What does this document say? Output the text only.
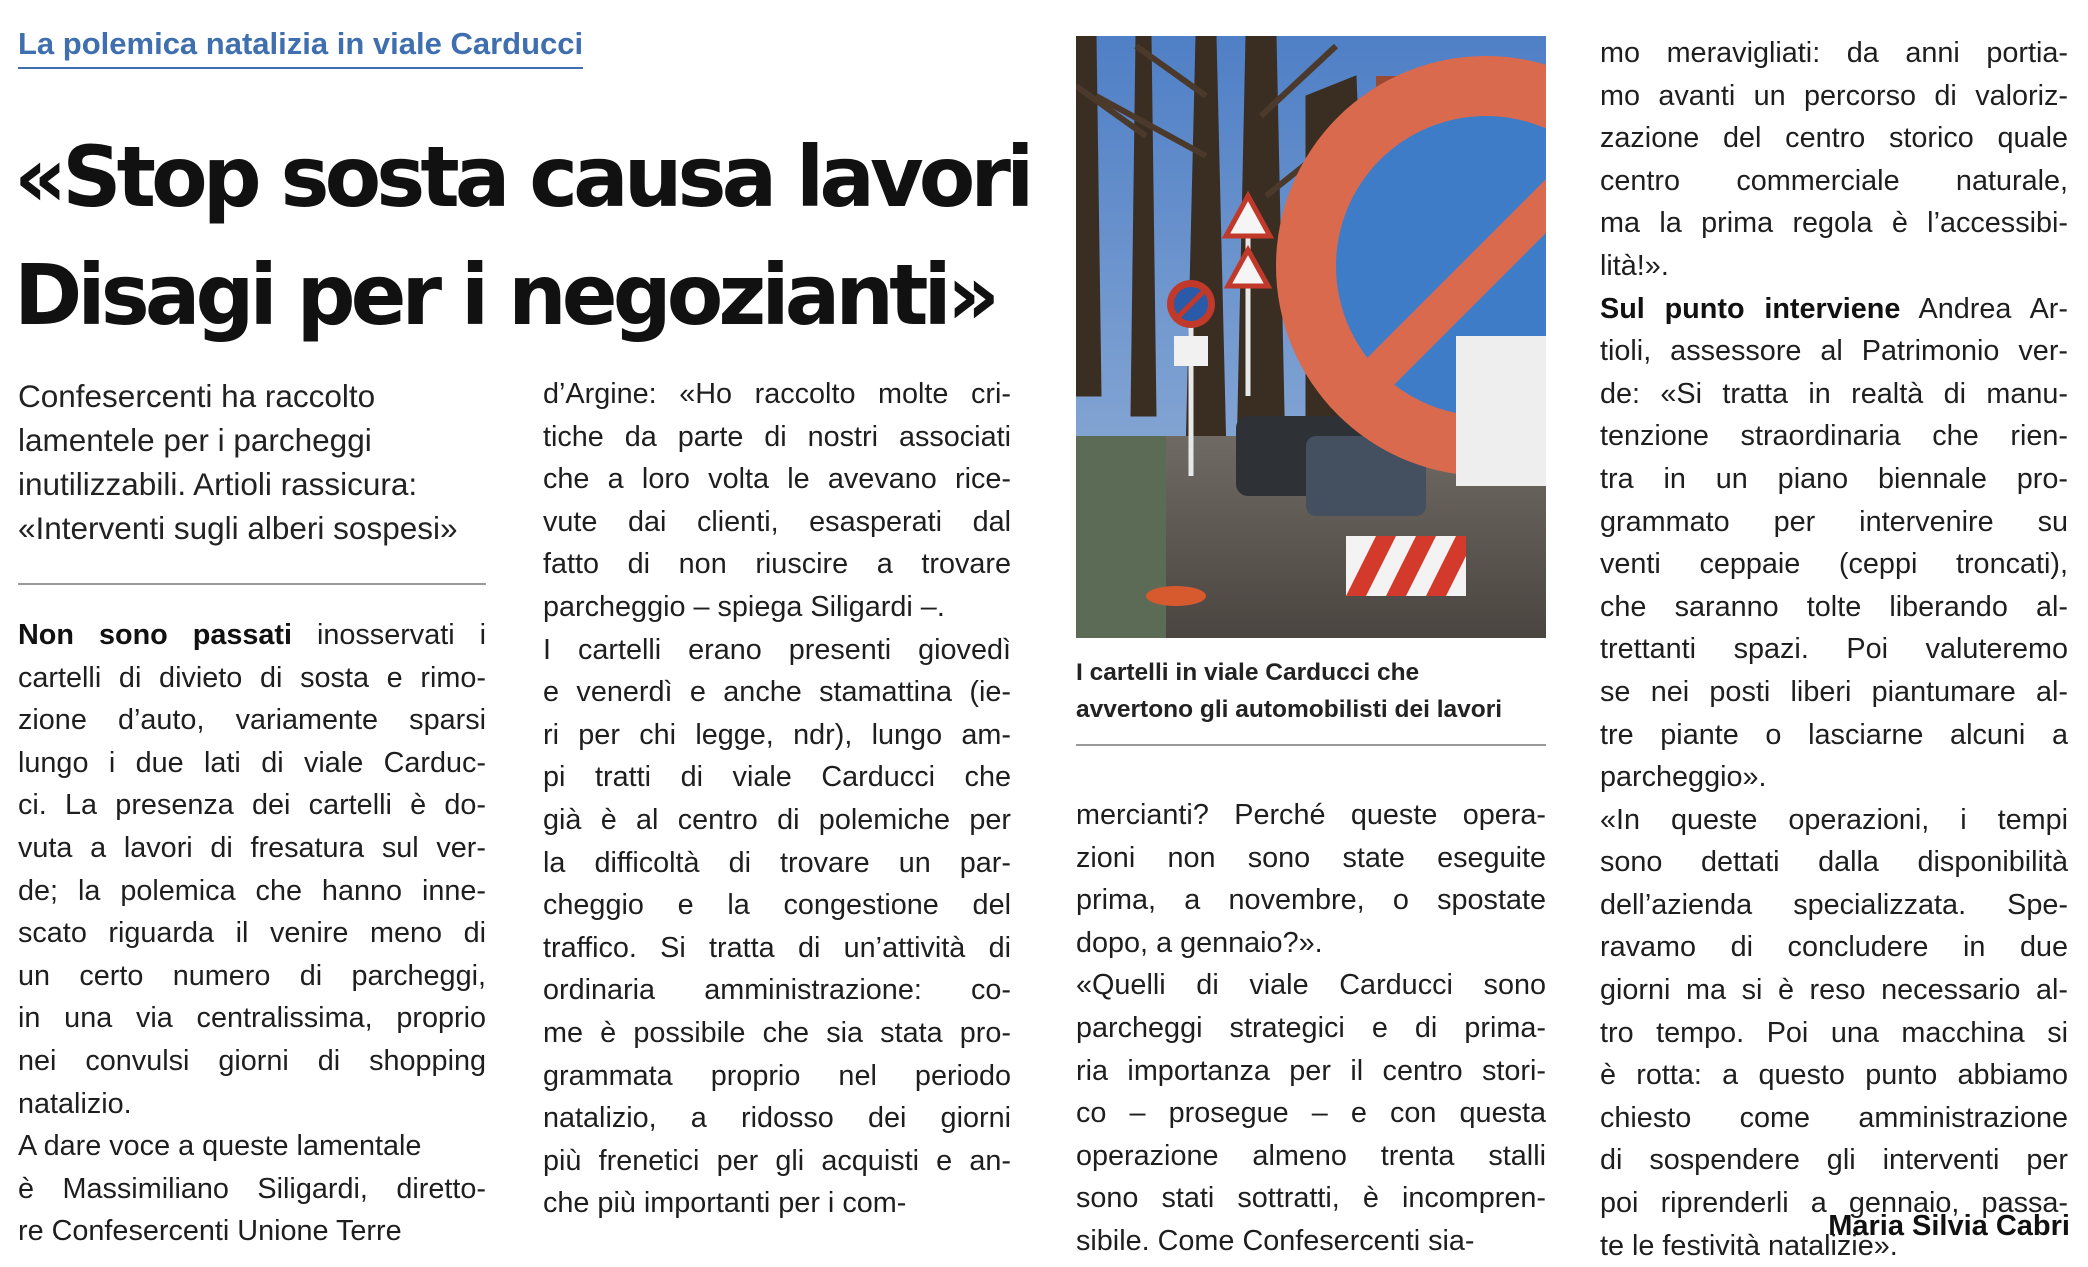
La polemica natalizia in viale Carducci
«Stop sosta causa lavori
Disagi per i negozianti»
Confesercenti ha raccolto
lamentele per i parcheggi
inutilizzabili. Artioli rassicura:
«Interventi sugli alberi sospesi»
Non sono passati inosservati i
cartelli di divieto di sosta e rimo-
zione d’auto, variamente sparsi
lungo i due lati di viale Carduc-
ci. La presenza dei cartelli è do-
vuta a lavori di fresatura sul ver-
de; la polemica che hanno inne-
scato riguarda il venire meno di
un certo numero di parcheggi,
in una via centralissima, proprio
nei convulsi giorni di shopping
natalizio.
A dare voce a queste lamentale
è Massimiliano Siligardi, diretto-
re Confesercenti Unione Terre
d’Argine: «Ho raccolto molte cri-
tiche da parte di nostri associati
che a loro volta le avevano rice-
vute dai clienti, esasperati dal
fatto di non riuscire a trovare
parcheggio – spiega Siligardi –.
I cartelli erano presenti giovedì
e venerdì e anche stamattina (ie-
ri per chi legge, ndr), lungo am-
pi tratti di viale Carducci che
già è al centro di polemiche per
la difficoltà di trovare un par-
cheggio e la congestione del
traffico. Si tratta di un’attività di
ordinaria amministrazione: co-
me è possibile che sia stata pro-
grammata proprio nel periodo
natalizio, a ridosso dei giorni
più frenetici per gli acquisti e an-
che più importanti per i com-
I cartelli in viale Carducci che
avvertono gli automobilisti dei lavori
mercianti? Perché queste opera-
zioni non sono state eseguite
prima, a novembre, o spostate
dopo, a gennaio?».
«Quelli di viale Carducci sono
parcheggi strategici e di prima-
ria importanza per il centro stori-
co – prosegue – e con questa
operazione almeno trenta stalli
sono stati sottratti, è incompren-
sibile. Come Confesercenti sia-
mo meravigliati: da anni portia-
mo avanti un percorso di valoriz-
zazione del centro storico quale
centro commerciale naturale,
ma la prima regola è l’accessibi-
lità!».
Sul punto interviene Andrea Ar-
tioli, assessore al Patrimonio ver-
de: «Si tratta in realtà di manu-
tenzione straordinaria che rien-
tra in un piano biennale pro-
grammato per intervenire su
venti ceppaie (ceppi troncati),
che saranno tolte liberando al-
trettanti spazi. Poi valuteremo
se nei posti liberi piantumare al-
tre piante o lasciarne alcuni a
parcheggio».
«In queste operazioni, i tempi
sono dettati dalla disponibilità
dell’azienda specializzata. Spe-
ravamo di concludere in due
giorni ma si è reso necessario al-
tro tempo. Poi una macchina si
è rotta: a questo punto abbiamo
chiesto come amministrazione
di sospendere gli interventi per
poi riprenderli a gennaio, passa-
te le festività natalizie».
Maria Silvia Cabri
